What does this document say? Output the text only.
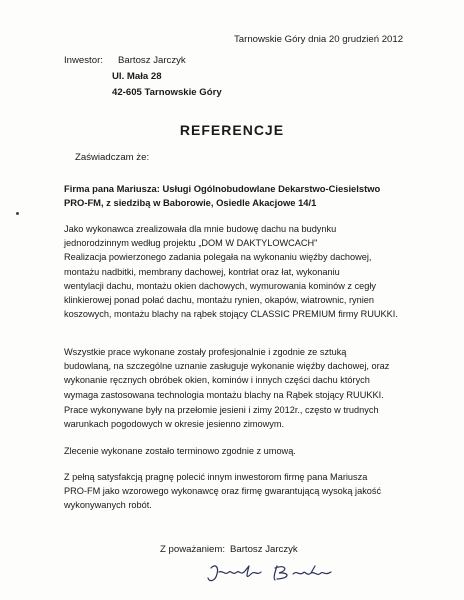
Tarnowskie Góry dnia 20 grudzień 2012
Inwestor: Bartosz Jarczyk
Ul. Mała 28
42-605 Tarnowskie Góry
REFERENCJE
Zaświadczam że:
Firma pana Mariusza: Usługi Ogólnobudowlane Dekarstwo-Ciesielstwo
PRO-FM, z siedzibą w Baborowie, Osiedle Akacjowe 14/1
Jako wykonawca zrealizowała dla mnie budowę dachu na budynku
jednorodzinnym według projektu „DOM W DAKTYLOWCACH"
Realizacja powierzonego zadania polegała na wykonaniu więźby dachowej,
montażu nadbitki, membrany dachowej, kontrłat oraz łat, wykonaniu
wentylacji dachu, montażu okien dachowych, wymurowania kominów z cegły
klinkierowej ponad połać dachu, montażu rynien, okapów, wiatrownic, rynien
koszowych, montażu blachy na rąbek stojący CLASSIC PREMIUM firmy RUUKKI.
Wszystkie prace wykonane zostały profesjonalnie i zgodnie ze sztuką
budowlaną, na szczególne uznanie zasługuje wykonanie więźby dachowej, oraz
wykonanie ręcznych obróbek okien, kominów i innych części dachu których
wymaga zastosowana technologia montażu blachy na Rąbek stojący RUUKKI.
Prace wykonywane były na przełomie jesieni i zimy 2012r., często w trudnych
warunkach pogodowych w okresie jesienno zimowym.
Zlecenie wykonane zostało terminowo zgodnie z umową.
Z pełną satysfakcją pragnę polecić innym inwestorom firmę pana Mariusza
PRO-FM jako wzorowego wykonawcę oraz firmę gwarantującą wysoką jakość
wykonywanych robót.
Z poważaniem: Bartosz Jarczyk
